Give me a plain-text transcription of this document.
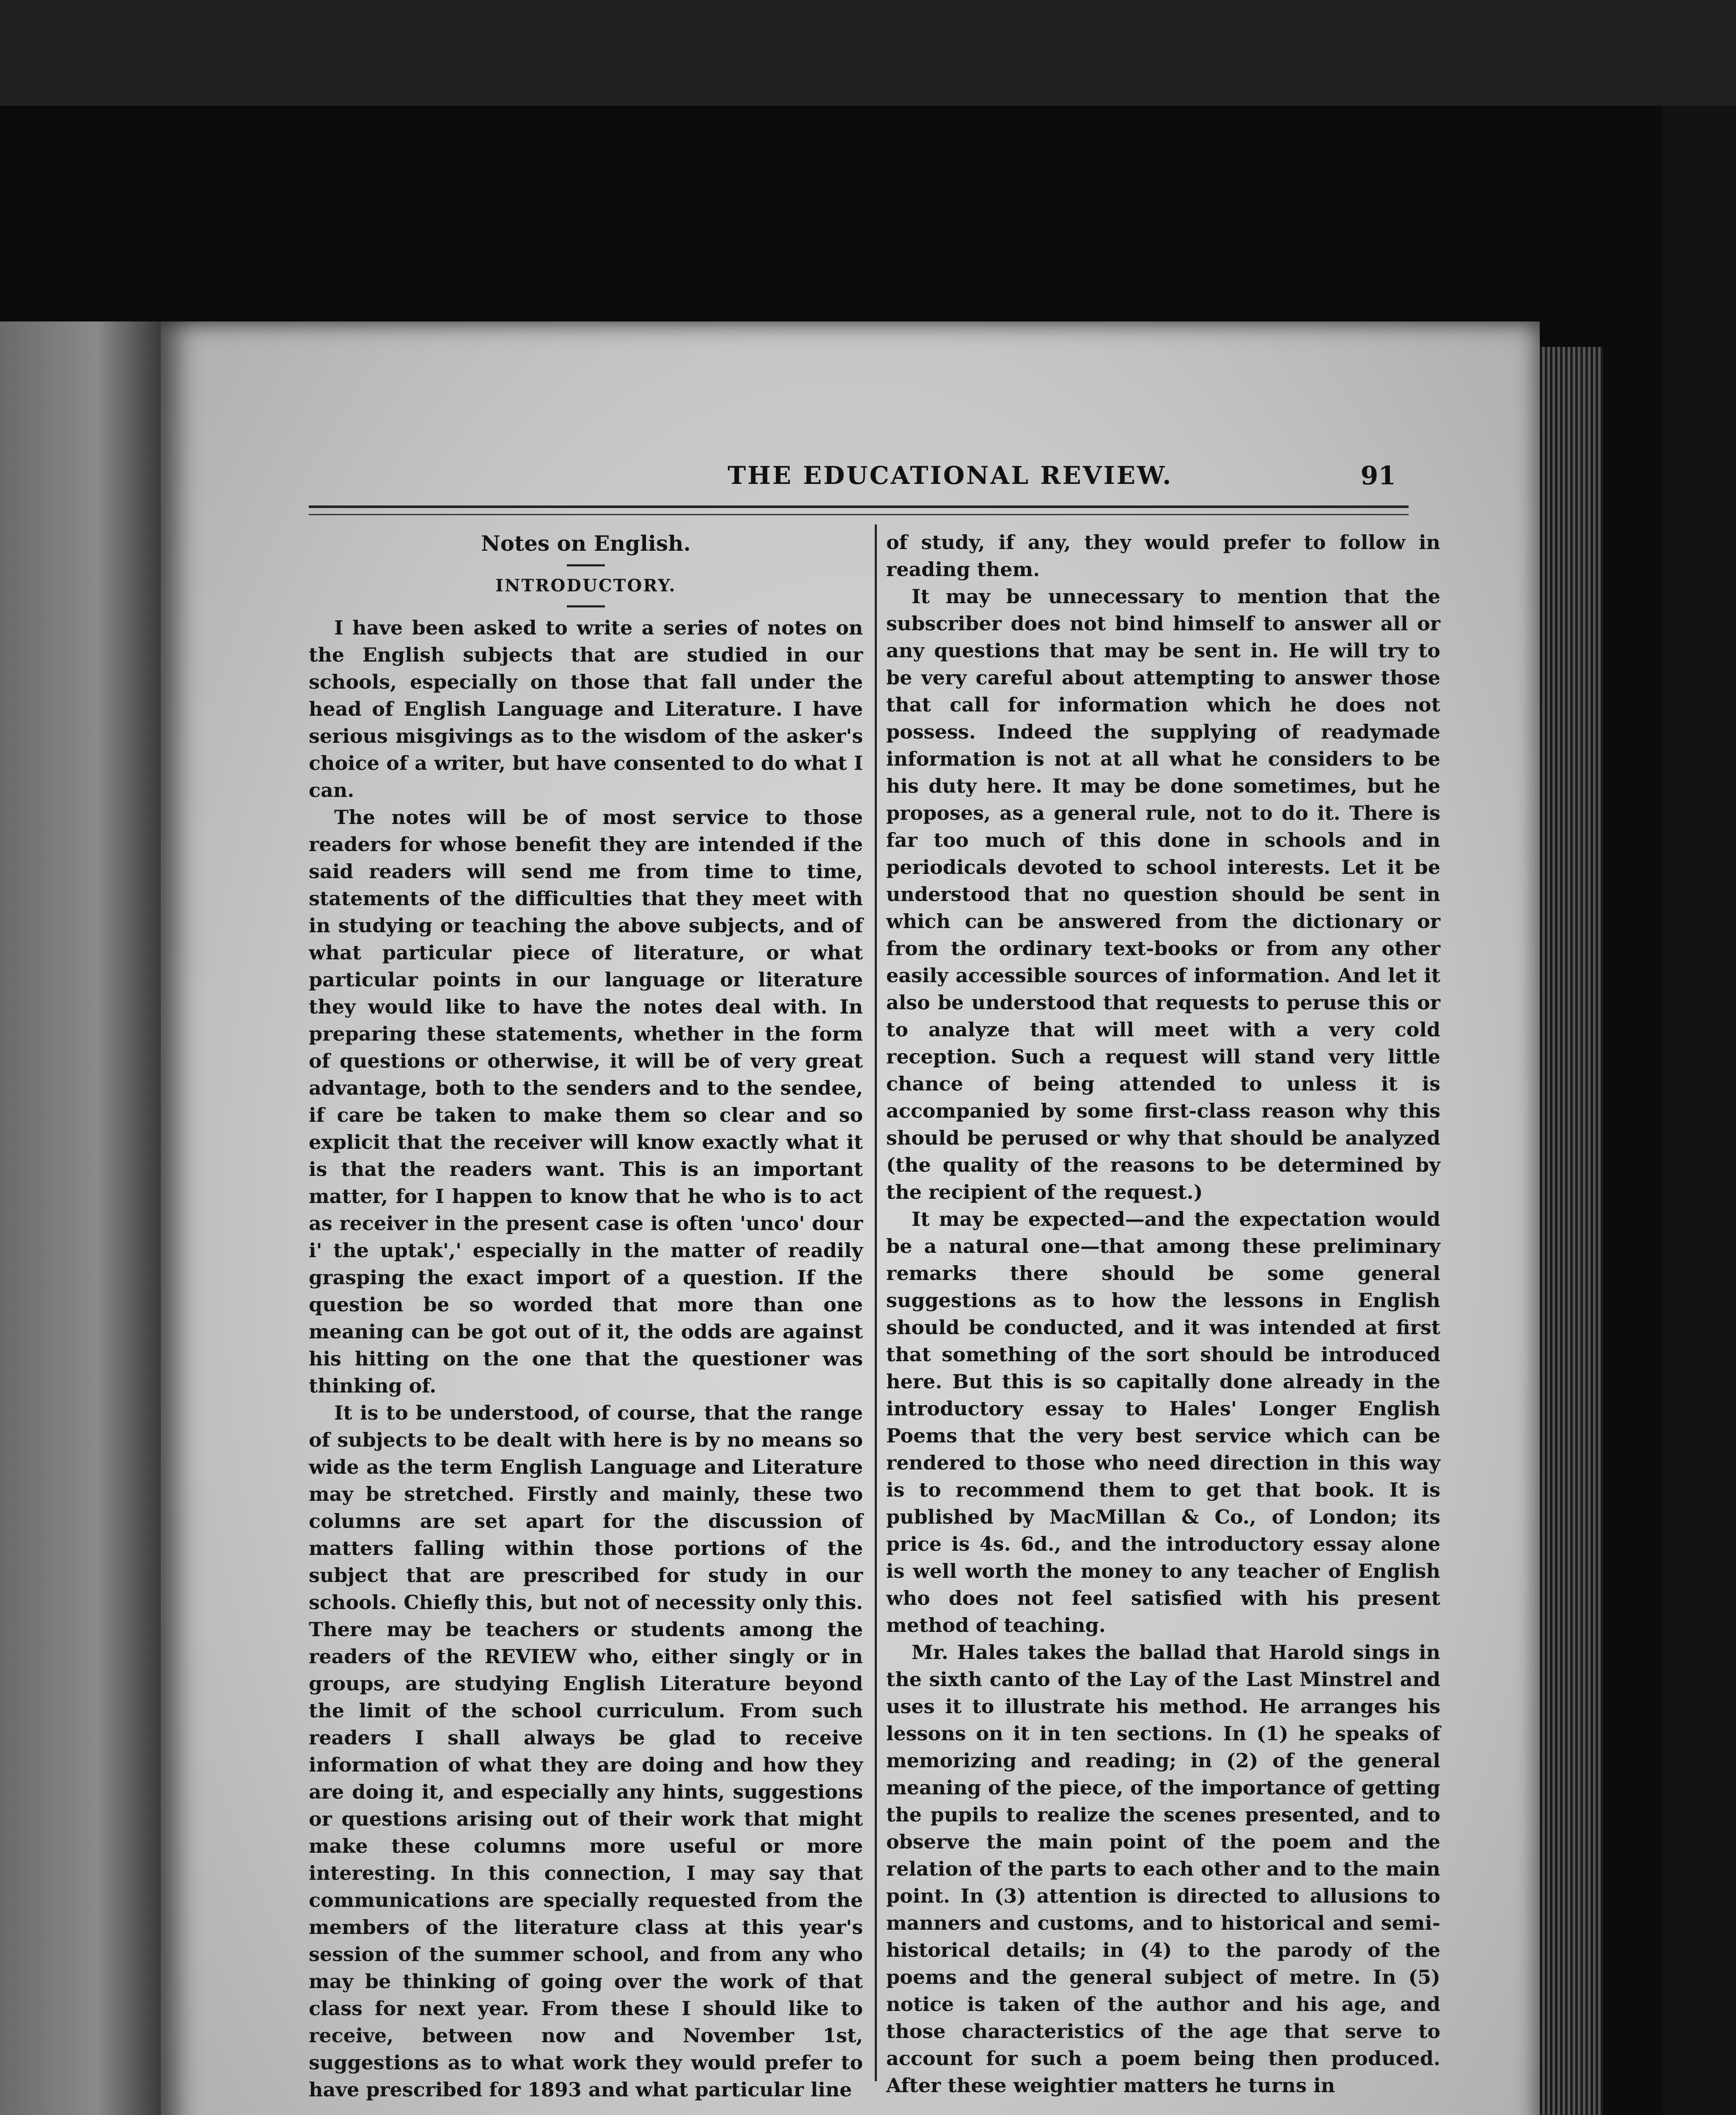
THE EDUCATIONAL REVIEW.	91
Notes on English.
INTRODUCTORY.

I have been asked to write a series of notes on the English subjects that are studied in our schools, especially on those that fall under the head of English Language and Literature. I have serious misgivings as to the wisdom of the asker's choice of a writer, but have consented to do what I can.

The notes will be of most service to those readers for whose benefit they are intended if the said readers will send me from time to time, statements of the difficulties that they meet with in studying or teaching the above subjects, and of what particular piece of literature, or what particular points in our language or literature they would like to have the notes deal with. In preparing these statements, whether in the form of questions or otherwise, it will be of very great advantage, both to the senders and to the sendee, if care be taken to make them so clear and so explicit that the receiver will know exactly what it is that the readers want. This is an important matter, for I happen to know that he who is to act as receiver in the present case is often 'unco' dour i' the uptak',' especially in the matter of readily grasping the exact import of a question. If the question be so worded that more than one meaning can be got out of it, the odds are against his hitting on the one that the questioner was thinking of.

It is to be understood, of course, that the range of subjects to be dealt with here is by no means so wide as the term English Language and Literature may be stretched. Firstly and mainly, these two columns are set apart for the discussion of matters falling within those portions of the subject that are prescribed for study in our schools. Chiefly this, but not of necessity only this. There may be teachers or students among the readers of the REVIEW who, either singly or in groups, are studying English Literature beyond the limit of the school curriculum. From such readers I shall always be glad to receive information of what they are doing and how they are doing it, and especially any hints, suggestions or questions arising out of their work that might make these columns more useful or more interesting. In this connection, I may say that communications are specially requested from the members of the literature class at this year's session of the summer school, and from any who may be thinking of going over the work of that class for next year. From these I should like to receive, between now and November 1st, suggestions as to what work they would prefer to have prescribed for 1893 and what particular line

of study, if any, they would prefer to follow in reading them.

It may be unnecessary to mention that the subscriber does not bind himself to answer all or any questions that may be sent in. He will try to be very careful about attempting to answer those that call for information which he does not possess. Indeed the supplying of readymade information is not at all what he considers to be his duty here. It may be done sometimes, but he proposes, as a general rule, not to do it. There is far too much of this done in schools and in periodicals devoted to school interests. Let it be understood that no question should be sent in which can be answered from the dictionary or from the ordinary text-books or from any other easily accessible sources of information. And let it also be understood that requests to peruse this or to analyze that will meet with a very cold reception. Such a request will stand very little chance of being attended to unless it is accompanied by some first-class reason why this should be perused or why that should be analyzed (the quality of the reasons to be determined by the recipient of the request.)

It may be expected—and the expectation would be a natural one—that among these preliminary remarks there should be some general suggestions as to how the lessons in English should be conducted, and it was intended at first that something of the sort should be introduced here. But this is so capitally done already in the introductory essay to Hales' Longer English Poems that the very best service which can be rendered to those who need direction in this way is to recommend them to get that book. It is published by MacMillan & Co., of London; its price is 4s. 6d., and the introductory essay alone is well worth the money to any teacher of English who does not feel satisfied with his present method of teaching.

Mr. Hales takes the ballad that Harold sings in the sixth canto of the Lay of the Last Minstrel and uses it to illustrate his method. He arranges his lessons on it in ten sections. In (1) he speaks of memorizing and reading; in (2) of the general meaning of the piece, of the importance of getting the pupils to realize the scenes presented, and to observe the main point of the poem and the relation of the parts to each other and to the main point. In (3) attention is directed to allusions to manners and customs, and to historical and semi-historical details; in (4) to the parody of the poems and the general subject of metre. In (5) notice is taken of the author and his age, and those characteristics of the age that serve to account for such a poem being then produced. After these weightier matters he turns in
